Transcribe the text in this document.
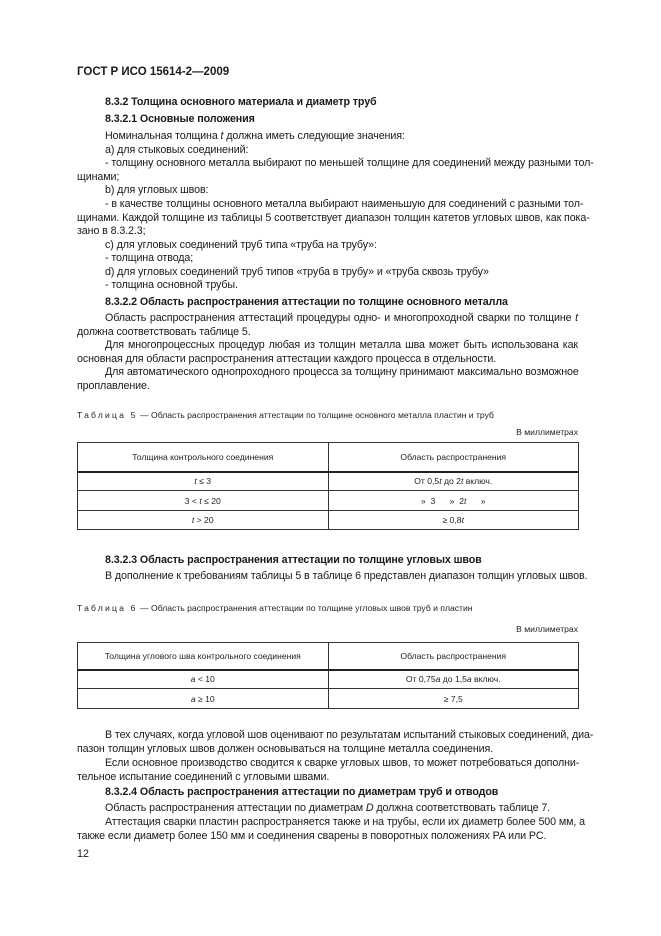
ГОСТ Р ИСО 15614-2—2009
8.3.2 Толщина основного материала и диаметр труб
8.3.2.1 Основные положения
Номинальная толщина t должна иметь следующие значения:
a) для стыковых соединений:
- толщину основного металла выбирают по меньшей толщине для соединений между разными тол-
щинами;
b) для угловых швов:
- в качестве толщины основного металла выбирают наименьшую для соединений с разными тол-
щинами. Каждой толщине из таблицы 5 соответствует диапазон толщин катетов угловых швов, как пока-
зано в 8.3.2.3;
c) для угловых соединений труб типа «труба на трубу»:
- толщина отвода;
d) для угловых соединений труб типов «труба в трубу» и «труба сквозь трубу»
- толщина основной трубы.
8.3.2.2 Область распространения аттестации по толщине основного металла
Область распространения аттестаций процедуры одно- и многопроходной сварки по толщине t
должна соответствовать таблице 5.
Для многопроцессных процедур любая из толщин металла шва может быть использована как
основная для области распространения аттестации каждого процесса в отдельности.
Для автоматического однопроходного процесса за толщину принимают максимально возможное
проплавление.
Таблица 5 — Область распространения аттестации по толщине основного металла пластин и труб
В миллиметрах
Толщина контрольного соединения	Область распространения
t ≤ 3	От 0,5t до 2t включ.
3 < t ≤ 20	»  3      »  2t      »
t > 20	≥ 0,8t
8.3.2.3 Область распространения аттестации по толщине угловых швов
В дополнение к требованиям таблицы 5 в таблице 6 представлен диапазон толщин угловых швов.
Таблица 6 — Область распространения аттестации по толщине угловых швов труб и пластин
В миллиметрах
Толщина углового шва контрольного соединения	Область распространения
a < 10	От 0,75a до 1,5a включ.
a ≥ 10	≥ 7,5
В тех случаях, когда угловой шов оценивают по результатам испытаний стыковых соединений, диа-
пазон толщин угловых швов должен основываться на толщине металла соединения.
Если основное производство сводится к сварке угловых швов, то может потребоваться дополни-
тельное испытание соединений с угловыми швами.
8.3.2.4 Область распространения аттестации по диаметрам труб и отводов
Область распространения аттестации по диаметрам D должна соответствовать таблице 7.
Аттестация сварки пластин распространяется также и на трубы, если их диаметр более 500 мм, а
также если диаметр более 150 мм и соединения сварены в поворотных положениях PA или PC.
12
